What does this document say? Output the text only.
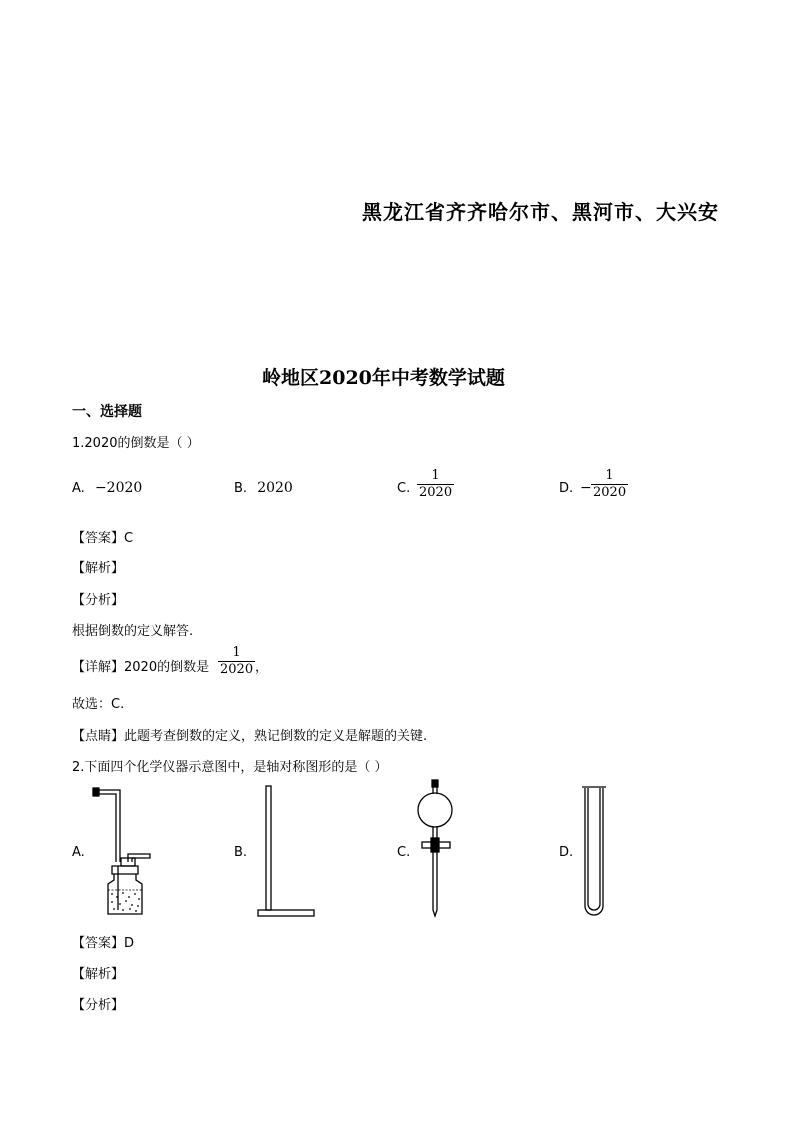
黑龙江省齐齐哈尔市、黑河市、大兴安
岭地区2020年中考数学试题
一、选择题
1.2020的倒数是（ ）
A. −2020	B. 2020	C.
1
2020	D. −
1
2020
【答案】C
【解析】
【分析】
根据倒数的定义解答.
【详解】2020的倒数是
1
2020 ，
故选：C.
【点睛】此题考查倒数的定义，熟记倒数的定义是解题的关键.
2.下面四个化学仪器示意图中，是轴对称图形的是（ ）
A.	B.	C.	D.
【答案】D
【解析】
【分析】
